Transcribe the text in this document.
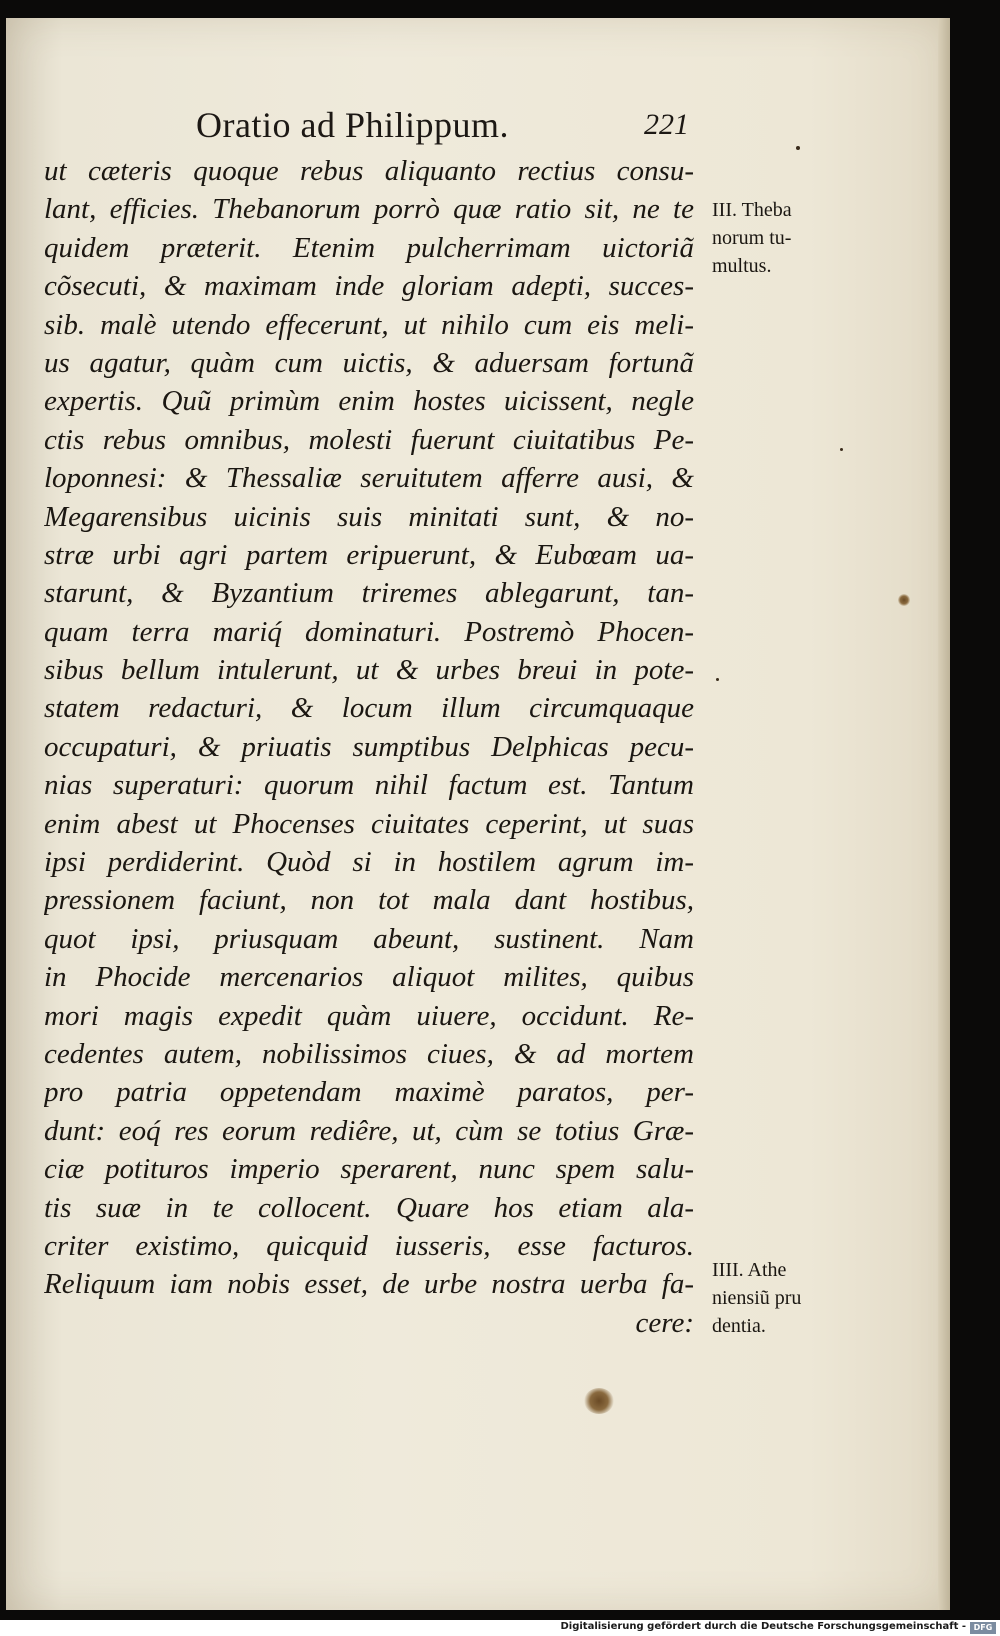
Oratio ad Philippum.	221
ut cæteris quoque rebus aliquanto rectius consu-
lant, efficies. Thebanorum porrò quæ ratio sit, ne te
quidem præterit. Etenim pulcherrimam uictoriã
cõsecuti, & maximam inde gloriam adepti, succes-
sib. malè utendo effecerunt, ut nihilo cum eis meli-
us agatur, quàm cum uictis, & aduersam fortunã
expertis. Quũ primùm enim hostes uicissent, negle
ctis rebus omnibus, molesti fuerunt ciuitatibus Pe-
loponnesi: & Thessaliæ seruitutem afferre ausi, &
Megarensibus uicinis suis minitati sunt, & no-
stræ urbi agri partem eripuerunt, & Eubœam ua-
starunt, & Byzantium triremes ablegarunt, tan-
quam terra mariq́ dominaturi. Postremò Phocen-
sibus bellum intulerunt, ut & urbes breui in pote-
statem redacturi, & locum illum circumquaque
occupaturi, & priuatis sumptibus Delphicas pecu-
nias superaturi: quorum nihil factum est. Tantum
enim abest ut Phocenses ciuitates ceperint, ut suas
ipsi perdiderint. Quòd si in hostilem agrum im-
pressionem faciunt, non tot mala dant hostibus,
quot ipsi, priusquam abeunt, sustinent. Nam
in Phocide mercenarios aliquot milites, quibus
mori magis expedit quàm uiuere, occidunt. Re-
cedentes autem, nobilissimos ciues, & ad mortem
pro patria oppetendam maximè paratos, per-
dunt: eoq́ res eorum rediêre, ut, cùm se totius Græ-
ciæ potituros imperio sperarent, nunc spem salu-
tis suæ in te collocent. Quare hos etiam ala-
criter existimo, quicquid iusseris, esse facturos.
Reliquum iam nobis esset, de urbe nostra uerba fa-
cere:
III. Theba
norum tu-
multus.
IIII. Athe
niensiũ pru
dentia.
Digitalisierung gefördert durch die Deutsche Forschungsgemeinschaft - DFG
